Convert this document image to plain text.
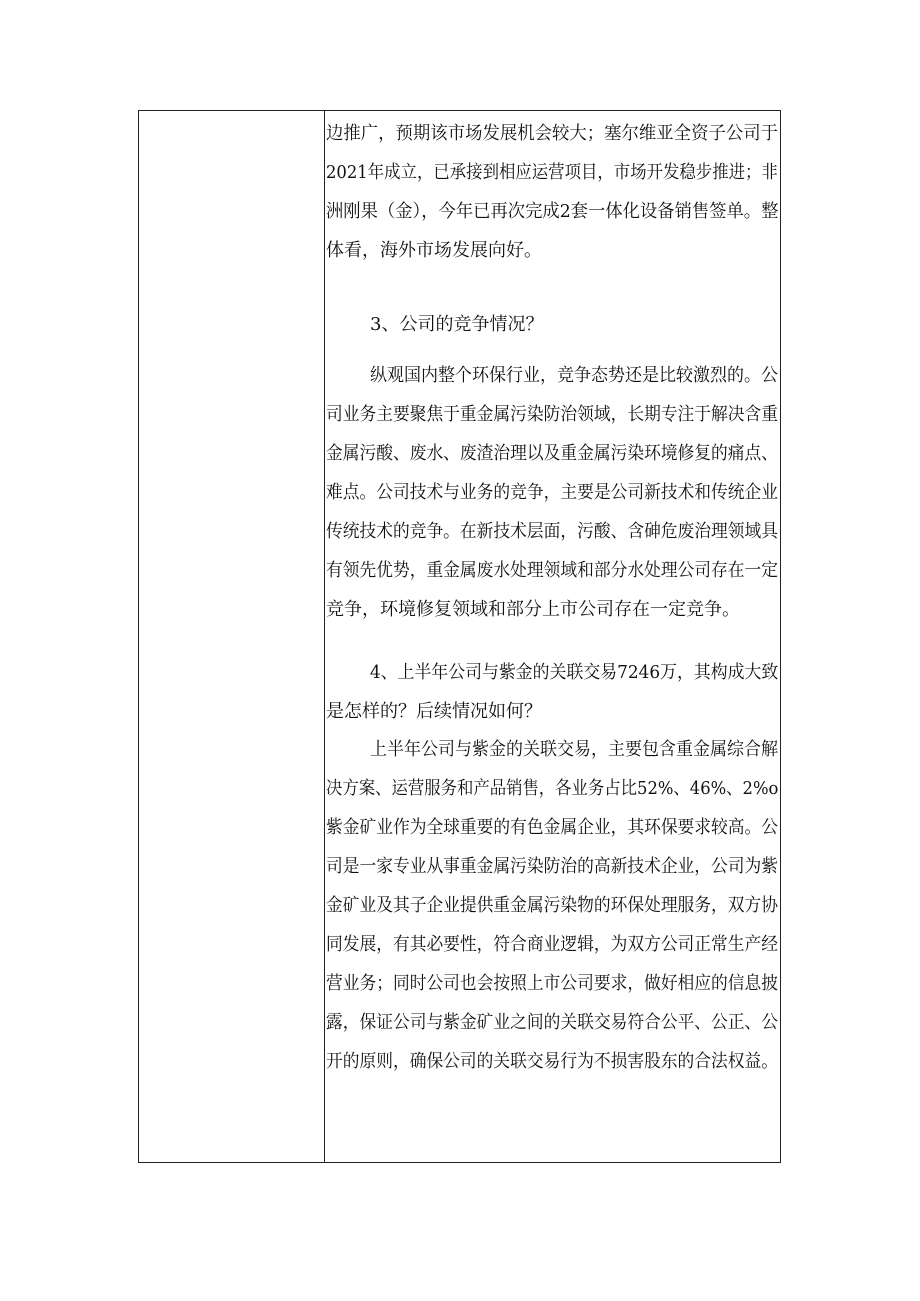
边推广，预期该市场发展机会较大；塞尔维亚全资子公司于
2021年成立，已承接到相应运营项目，市场开发稳步推进；非
洲刚果（金），今年已再次完成2套一体化设备销售签单。整
体看，海外市场发展向好。
3、公司的竞争情况？
纵观国内整个环保行业，竞争态势还是比较激烈的。公
司业务主要聚焦于重金属污染防治领域，长期专注于解决含重
金属污酸、废水、废渣治理以及重金属污染环境修复的痛点、
难点。公司技术与业务的竞争，主要是公司新技术和传统企业
传统技术的竞争。在新技术层面，污酸、含砷危废治理领域具
有领先优势，重金属废水处理领域和部分水处理公司存在一定
竞争，环境修复领域和部分上市公司存在一定竞争。
4、上半年公司与紫金的关联交易7246万，其构成大致
是怎样的？后续情况如何？
上半年公司与紫金的关联交易，主要包含重金属综合解
决方案、运营服务和产品销售，各业务占比52%、46%、2%o
紫金矿业作为全球重要的有色金属企业，其环保要求较高。公
司是一家专业从事重金属污染防治的高新技术企业，公司为紫
金矿业及其子企业提供重金属污染物的环保处理服务，双方协
同发展，有其必要性，符合商业逻辑，为双方公司正常生产经
营业务；同时公司也会按照上市公司要求，做好相应的信息披
露，保证公司与紫金矿业之间的关联交易符合公平、公正、公
开的原则，确保公司的关联交易行为不损害股东的合法权益。
